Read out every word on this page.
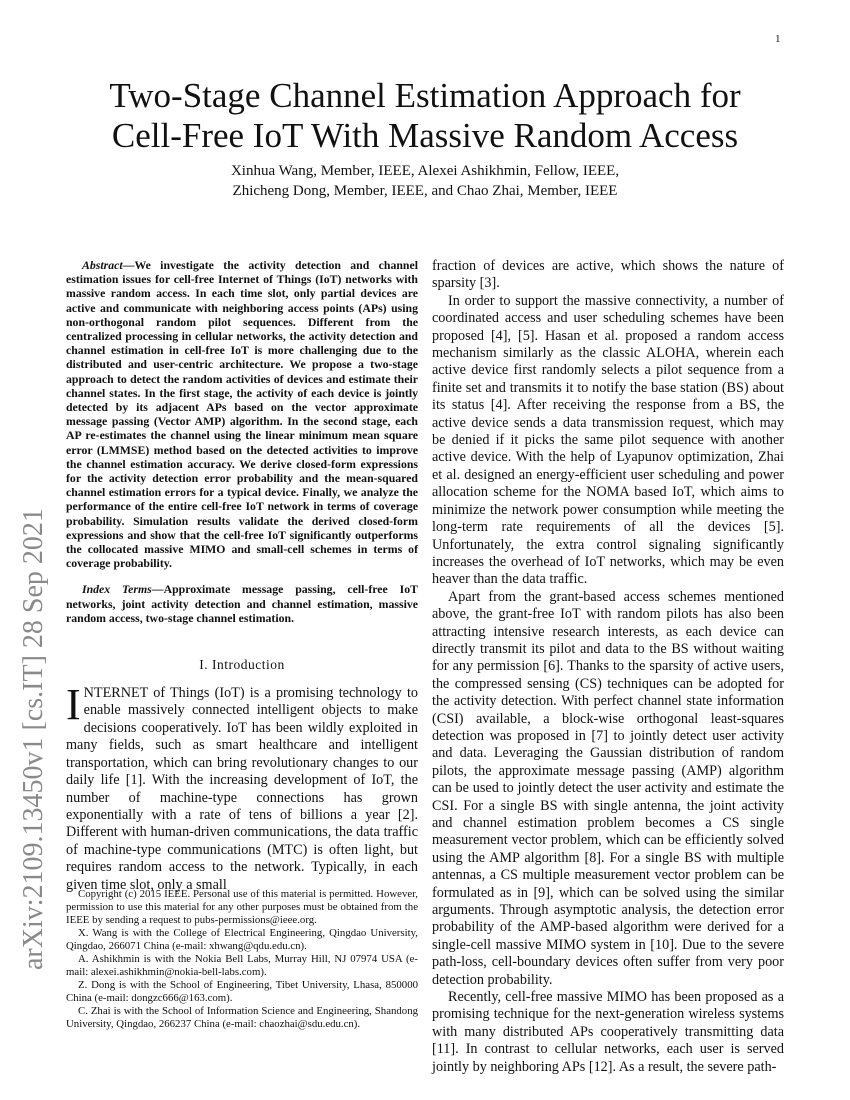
1
arXiv:2109.13450v1 [cs.IT] 28 Sep 2021
Two-Stage Channel Estimation Approach for
Cell-Free IoT With Massive Random Access
Xinhua Wang, Member, IEEE, Alexei Ashikhmin, Fellow, IEEE,
Zhicheng Dong, Member, IEEE, and Chao Zhai, Member, IEEE

Abstract—We investigate the activity detection and channel estimation issues for cell-free Internet of Things (IoT) networks with massive random access. In each time slot, only partial devices are active and communicate with neighboring access points (APs) using non-orthogonal random pilot sequences. Different from the centralized processing in cellular networks, the activity detection and channel estimation in cell-free IoT is more challenging due to the distributed and user-centric architecture. We propose a two-stage approach to detect the random activities of devices and estimate their channel states. In the first stage, the activity of each device is jointly detected by its adjacent APs based on the vector approximate message passing (Vector AMP) algorithm. In the second stage, each AP re-estimates the channel using the linear minimum mean square error (LMMSE) method based on the detected activities to improve the channel estimation accuracy. We derive closed-form expressions for the activity detection error probability and the mean-squared channel estimation errors for a typical device. Finally, we analyze the performance of the entire cell-free IoT network in terms of coverage probability. Simulation results validate the derived closed-form expressions and show that the cell-free IoT significantly outperforms the collocated massive MIMO and small-cell schemes in terms of coverage probability.

Index Terms—Approximate message passing, cell-free IoT networks, joint activity detection and channel estimation, massive random access, two-stage channel estimation.

I. Introduction

INTERNET of Things (IoT) is a promising technology to enable massively connected intelligent objects to make decisions cooperatively. IoT has been wildly exploited in many fields, such as smart healthcare and intelligent transportation, which can bring revolutionary changes to our daily life [1]. With the increasing development of IoT, the number of machine-type connections has grown exponentially with a rate of tens of billions a year [2]. Different with human-driven communications, the data traffic of machine-type communications (MTC) is often light, but requires random access to the network. Typically, in each given time slot, only a small

Copyright (c) 2015 IEEE. Personal use of this material is permitted. However, permission to use this material for any other purposes must be obtained from the IEEE by sending a request to pubs-permissions@ieee.org.

X. Wang is with the College of Electrical Engineering, Qingdao University, Qingdao, 266071 China (e-mail: xhwang@qdu.edu.cn).

A. Ashikhmin is with the Nokia Bell Labs, Murray Hill, NJ 07974 USA (e-mail: alexei.ashikhmin@nokia-bell-labs.com).

Z. Dong is with the School of Engineering, Tibet University, Lhasa, 850000 China (e-mail: dongzc666@163.com).

C. Zhai is with the School of Information Science and Engineering, Shandong University, Qingdao, 266237 China (e-mail: chaozhai@sdu.edu.cn).

fraction of devices are active, which shows the nature of sparsity [3].

In order to support the massive connectivity, a number of coordinated access and user scheduling schemes have been proposed [4], [5]. Hasan et al. proposed a random access mechanism similarly as the classic ALOHA, wherein each active device first randomly selects a pilot sequence from a finite set and transmits it to notify the base station (BS) about its status [4]. After receiving the response from a BS, the active device sends a data transmission request, which may be denied if it picks the same pilot sequence with another active device. With the help of Lyapunov optimization, Zhai et al. designed an energy-efficient user scheduling and power allocation scheme for the NOMA based IoT, which aims to minimize the network power consumption while meeting the long-term rate requirements of all the devices [5]. Unfortunately, the extra control signaling significantly increases the overhead of IoT networks, which may be even heaver than the data traffic.

Apart from the grant-based access schemes mentioned above, the grant-free IoT with random pilots has also been attracting intensive research interests, as each device can directly transmit its pilot and data to the BS without waiting for any permission [6]. Thanks to the sparsity of active users, the compressed sensing (CS) techniques can be adopted for the activity detection. With perfect channel state information (CSI) available, a block-wise orthogonal least-squares detection was proposed in [7] to jointly detect user activity and data. Leveraging the Gaussian distribution of random pilots, the approximate message passing (AMP) algorithm can be used to jointly detect the user activity and estimate the CSI. For a single BS with single antenna, the joint activity and channel estimation problem becomes a CS single measurement vector problem, which can be efficiently solved using the AMP algorithm [8]. For a single BS with multiple antennas, a CS multiple measurement vector problem can be formulated as in [9], which can be solved using the similar arguments. Through asymptotic analysis, the detection error probability of the AMP-based algorithm were derived for a single-cell massive MIMO system in [10]. Due to the severe path-loss, cell-boundary devices often suffer from very poor detection probability.

Recently, cell-free massive MIMO has been proposed as a promising technique for the next-generation wireless systems with many distributed APs cooperatively transmitting data [11]. In contrast to cellular networks, each user is served jointly by neighboring APs [12]. As a result, the severe path-
